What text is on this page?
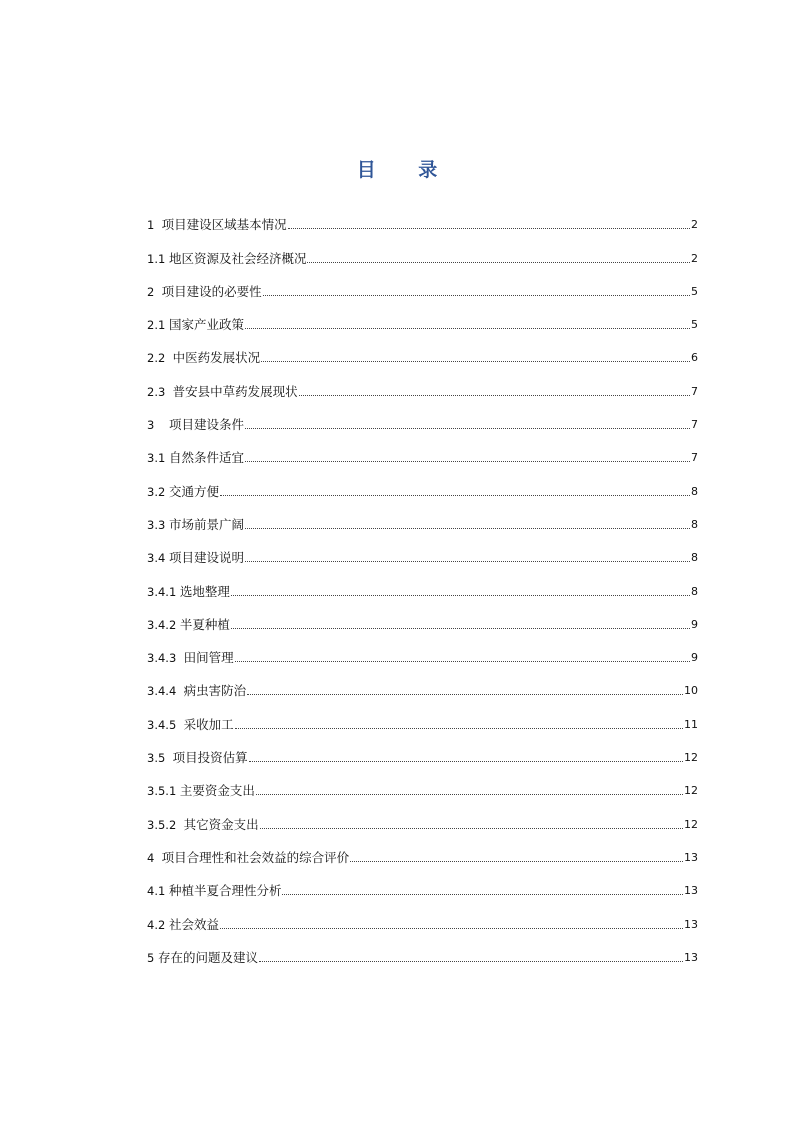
目 录
1 项目建设区域基本情况	2
1.1 地区资源及社会经济概况	2
2 项目建设的必要性	5
2.1 国家产业政策	5
2.2 中医药发展状况	6
2.3 普安县中草药发展现状	7
3 项目建设条件	7
3.1 自然条件适宜	7
3.2 交通方便	8
3.3 市场前景广阔	8
3.4 项目建设说明	8
3.4.1 选地整理	8
3.4.2 半夏种植	9
3.4.3 田间管理	9
3.4.4 病虫害防治	10
3.4.5 采收加工	11
3.5 项目投资估算	12
3.5.1 主要资金支出	12
3.5.2 其它资金支出	12
4 项目合理性和社会效益的综合评价	13
4.1 种植半夏合理性分析	13
4.2 社会效益	13
5 存在的问题及建议	13
